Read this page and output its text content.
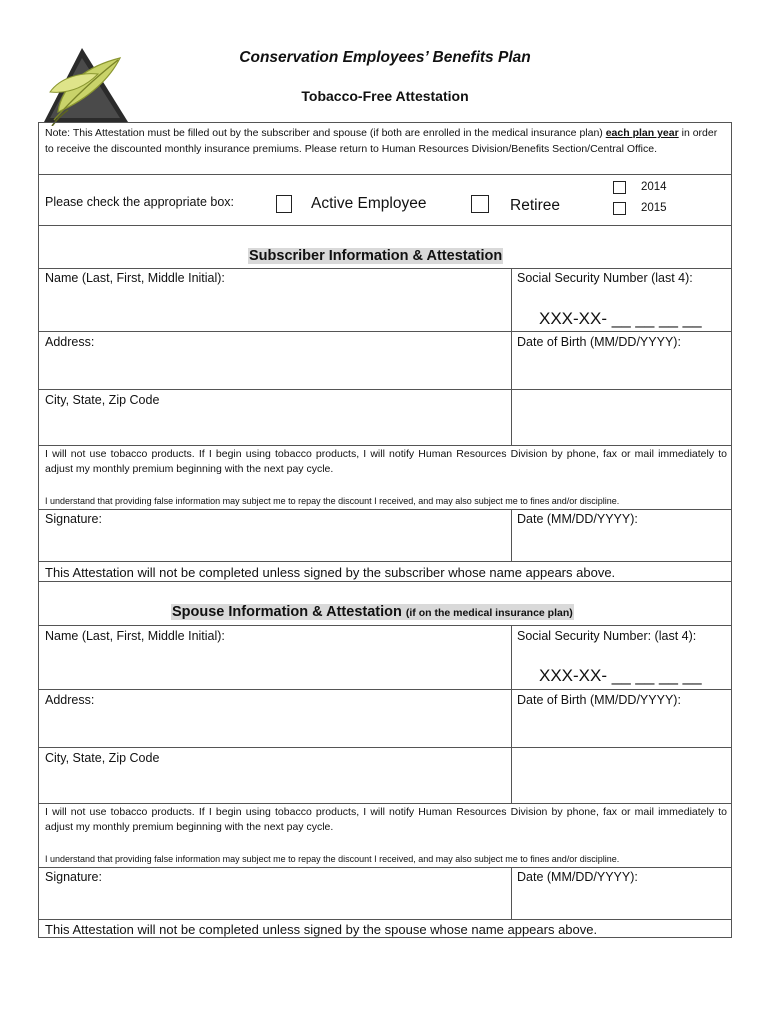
Conservation Employees’ Benefits Plan
Tobacco-Free Attestation
Note: This Attestation must be filled out by the subscriber and spouse (if both are enrolled in the medical insurance plan) each plan year in order to receive the discounted monthly insurance premiums. Please return to Human Resources Division/Benefits Section/Central Office.
Please check the appropriate box:	Active Employee	Retiree
2014
2015
Subscriber Information & Attestation
Name (Last, First, Middle Initial):	Social Security Number (last 4):
XXX-XX- __ __ __ __
Address:	Date of Birth (MM/DD/YYYY):
City, State, Zip Code
I will not use tobacco products. If I begin using tobacco products, I will notify Human Resources Division by phone, fax or mail immediately to adjust my monthly premium beginning with the next pay cycle.
I understand that providing false information may subject me to repay the discount I received, and may also subject me to fines and/or discipline.
Signature:	Date (MM/DD/YYYY):
This Attestation will not be completed unless signed by the subscriber whose name appears above.
Spouse Information & Attestation (if on the medical insurance plan)
Name (Last, First, Middle Initial):	Social Security Number: (last 4):
XXX-XX- __ __ __ __
Address:	Date of Birth (MM/DD/YYYY):
City, State, Zip Code
I will not use tobacco products. If I begin using tobacco products, I will notify Human Resources Division by phone, fax or mail immediately to adjust my monthly premium beginning with the next pay cycle.
I understand that providing false information may subject me to repay the discount I received, and may also subject me to fines and/or discipline.
Signature:	Date (MM/DD/YYYY):
This Attestation will not be completed unless signed by the spouse whose name appears above.
